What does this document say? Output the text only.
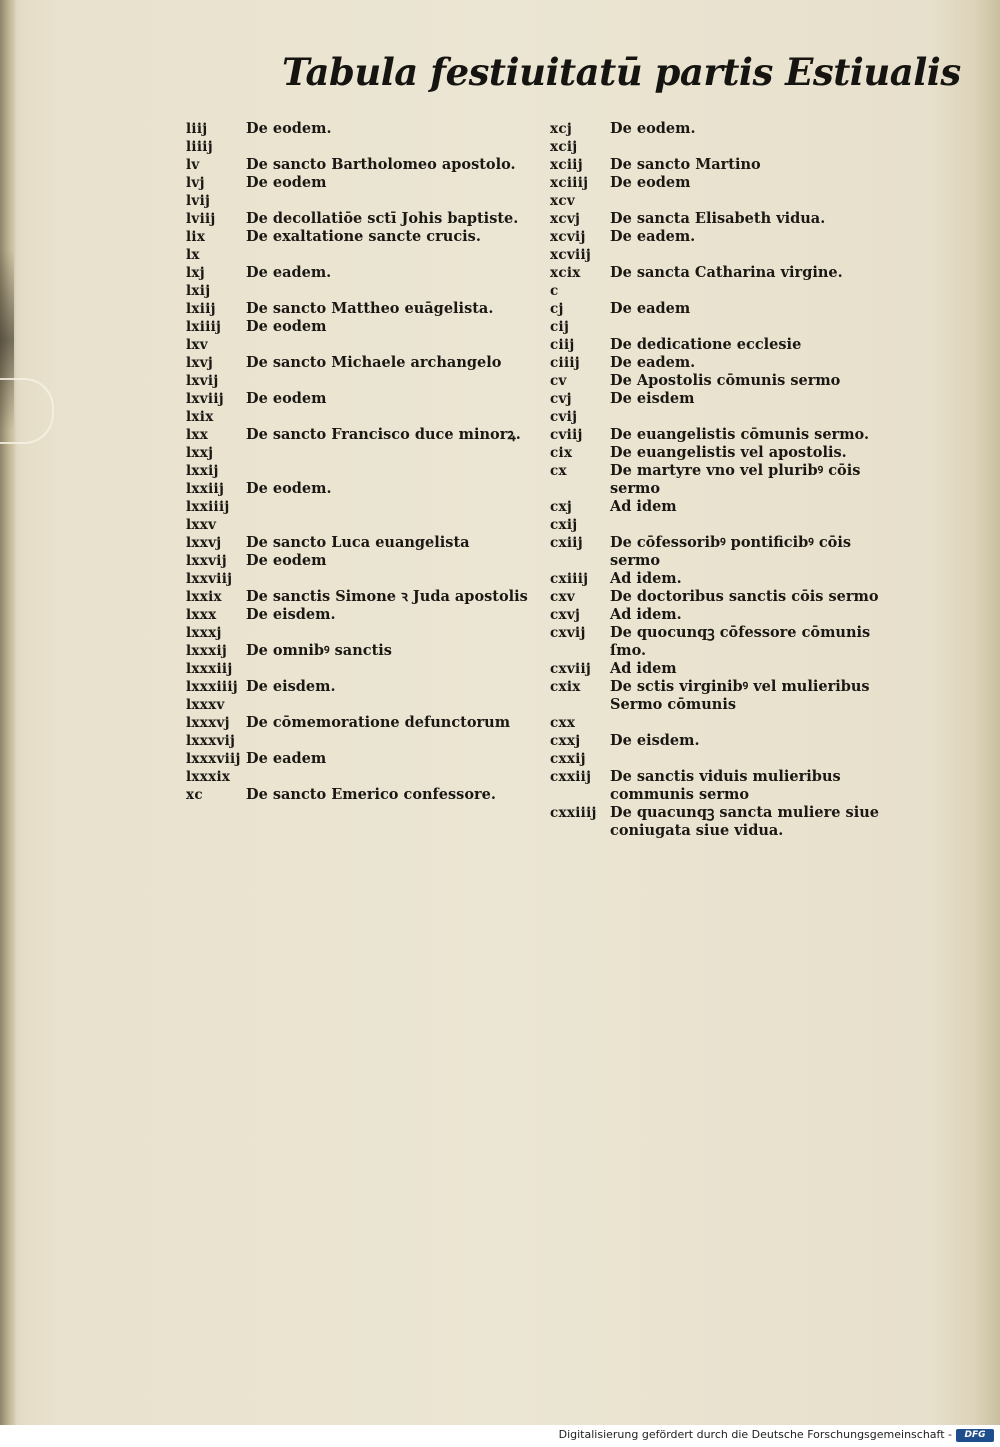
Tabula festiuitatū partis Estiualis
liij	De eodem.
liiij
lv	De sancto Bartholomeo apostolo.
lvj	De eodem
lvij
lviij	De decollatiōe sctī Johis baptiste.
lix	De exaltatione sancte crucis.
lx
lxj	De eadem.
lxij
lxiij	De sancto Mattheo euāgelista.
lxiiij	De eodem
lxv
lxvj	De sancto Michaele archangelo
lxvij
lxviij	De eodem
lxix
lxx	De sancto Francisco duce minorꝝ.
lxxj
lxxij
lxxiij	De eodem.
lxxiiij
lxxv
lxxvj	De sancto Luca euangelista
lxxvij	De eodem
lxxviij
lxxix	De sanctis Simone ꝛ Juda apostolis
lxxx	De eisdem.
lxxxj
lxxxij	De omnibꝰ sanctis
lxxxiij
lxxxiiij De eisdem.
lxxxv
lxxxvj	De cōmemoratione defunctorum
lxxxvij
lxxxviij De eadem
lxxxix
xc	De sancto Emerico confessore.
xcj	De eodem.
xcij
xciij	De sancto Martino
xciiij	De eodem
xcv
xcvj	De sancta Elisabeth vidua.
xcvij	De eadem.
xcviij
xcix	De sancta Catharina virgine.
c
cj	De eadem
cij
ciij	De dedicatione ecclesie
ciiij	De eadem.
cv	De Apostolis cōmunis sermo
cvj	De eisdem
cvij
cviij	De euangelistis cōmunis sermo.
cix	De euangelistis vel apostolis.
cx	De martyre vno vel pluribꝰ cōis sermo
cxj	Ad idem
cxij
cxiij	De cōfessoribꝰ pontificibꝰ cōis sermo
cxiiij	Ad idem.
cxv	De doctoribus sanctis cōis sermo
cxvj	Ad idem.
cxvij	De quocunqꝫ cōfessore cōmunis ſmo.
cxviij	Ad idem
cxix	De sctis virginibꝰ vel mulieribus Sermo cōmunis
cxx
cxxj	De eisdem.
cxxij
cxxiij	De sanctis viduis mulieribus communis sermo
cxxiiij De quacunqꝫ sancta muliere siue coniugata siue vidua.
Digitalisierung gefördert durch die Deutsche Forschungsgemeinschaft -	DFG
